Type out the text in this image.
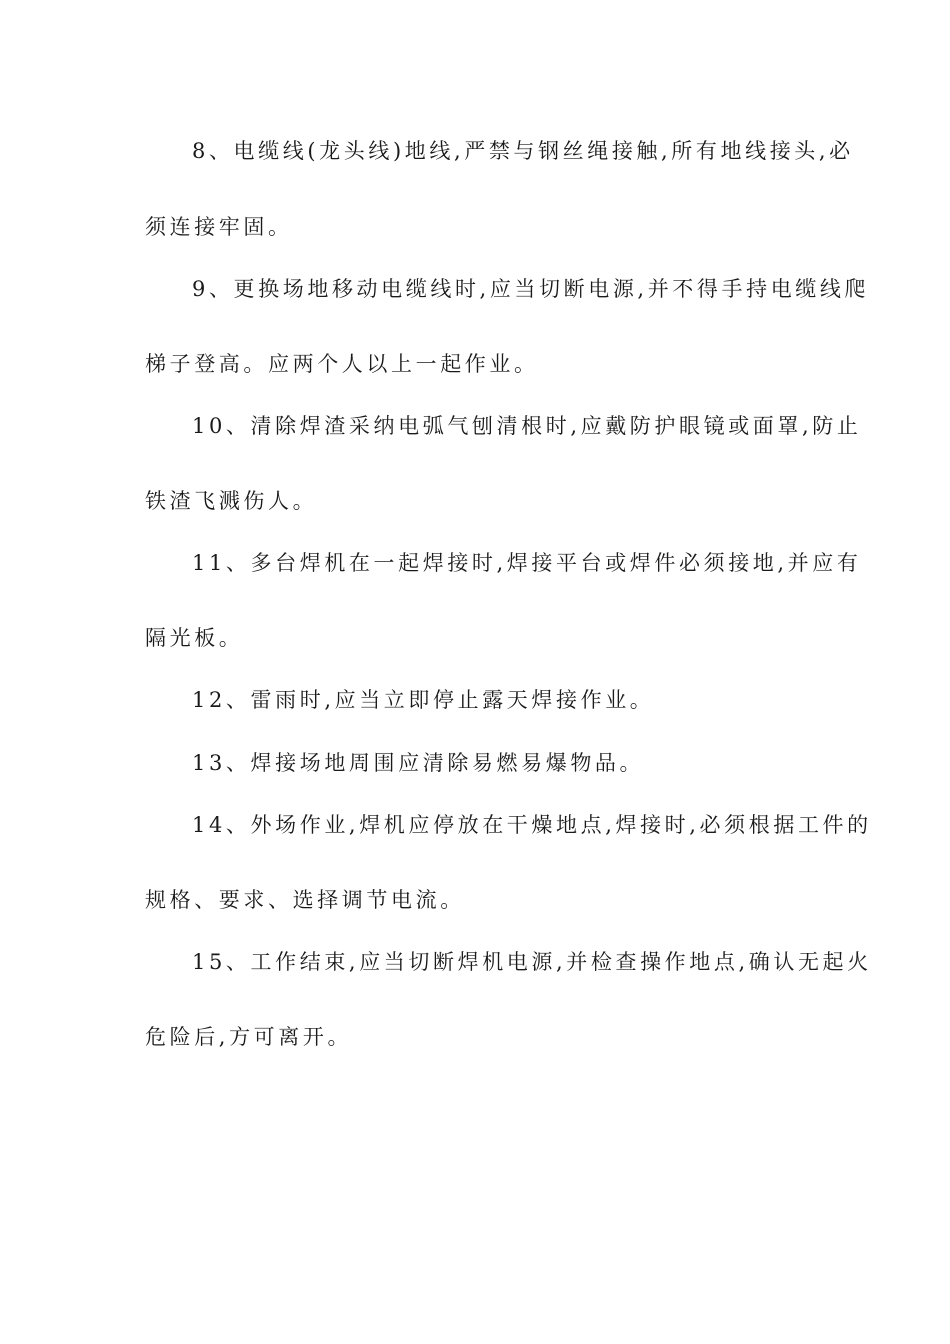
8、电缆线(龙头线)地线,严禁与钢丝绳接触,所有地线接头,必
须连接牢固。
9、更换场地移动电缆线时,应当切断电源,并不得手持电缆线爬
梯子登高。应两个人以上一起作业。
10、清除焊渣采纳电弧气刨清根时,应戴防护眼镜或面罩,防止
铁渣飞溅伤人。
11、多台焊机在一起焊接时,焊接平台或焊件必须接地,并应有
隔光板。
12、雷雨时,应当立即停止露天焊接作业。
13、焊接场地周围应清除易燃易爆物品。
14、外场作业,焊机应停放在干燥地点,焊接时,必须根据工件的
规格、要求、选择调节电流。
15、工作结束,应当切断焊机电源,并检查操作地点,确认无起火
危险后,方可离开。
